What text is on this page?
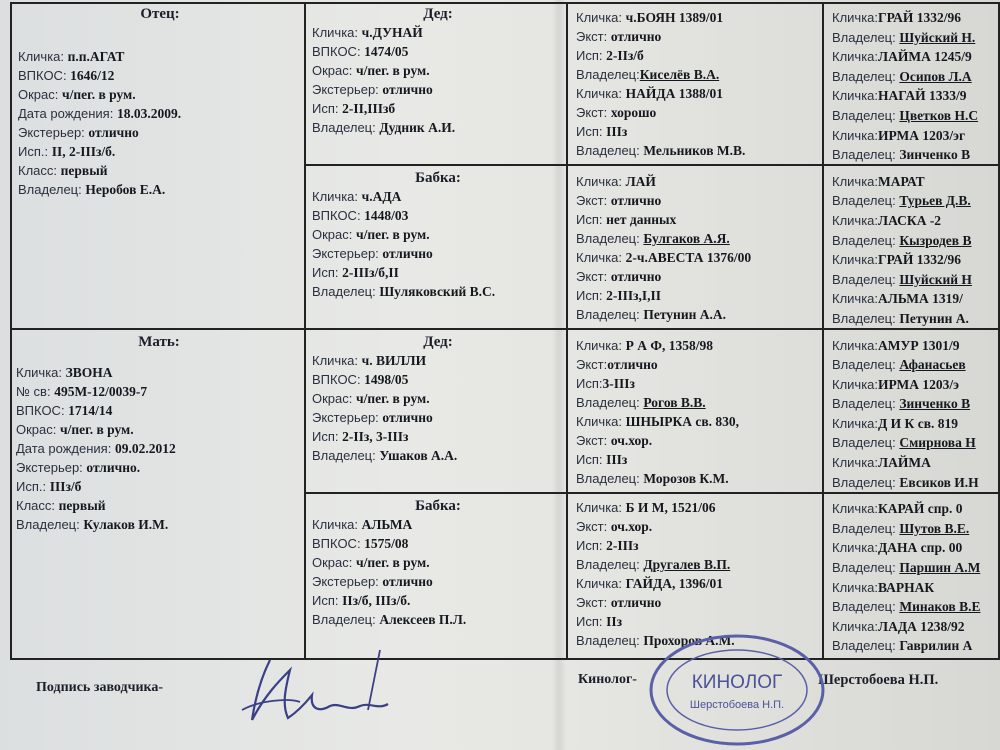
Отец:
Кличка: п.п.АГАТ
ВПКОС: 1646/12
Окрас: ч/пег. в рум.
Дата рождения: 18.03.2009.
Экстерьер: отлично
Исп.: II, 2-IIIз/б.
Класс: первый
Владелец: Неробов Е.А.
Мать:
Кличка: ЗВОНА
№ св: 495М-12/0039-7
ВПКОС: 1714/14
Окрас: ч/пег. в рум.
Дата рождения: 09.02.2012
Экстерьер: отлично.
Исп.: IIIз/б
Класс: первый
Владелец: Кулаков И.М.
Дед:
Кличка: ч.ДУНАЙ
ВПКОС: 1474/05
Окрас: ч/пег. в рум.
Экстерьер: отлично
Исп: 2-II,IIIзб
Владелец: Дудник А.И.
Бабка:
Кличка: ч.АДА
ВПКОС: 1448/03
Окрас: ч/пег. в рум.
Экстерьер: отлично
Исп: 2-IIIз/б,II
Владелец: Шуляковский В.С.
Дед:
Кличка: ч. ВИЛЛИ
ВПКОС: 1498/05
Окрас: ч/пег. в рум.
Экстерьер: отлично
Исп: 2-IIз, 3-IIIз
Владелец: Ушаков А.А.
Бабка:
Кличка: АЛЬМА
ВПКОС: 1575/08
Окрас: ч/пег. в рум.
Экстерьер: отлично
Исп: IIз/б, IIIз/б.
Владелец: Алексеев П.Л.
Кличка: ч.БОЯН 1389/01
Экст: отлично
Исп: 2-IIз/б
Владелец:Киселёв В.А.
Кличка: НАЙДА 1388/01
Экст: хорошо
Исп: IIIз
Владелец: Мельников М.В.
Кличка: ЛАЙ
Экст: отлично
Исп: нет данных
Владелец: Булгаков А.Я.
Кличка: 2-ч.АВЕСТА 1376/00
Экст: отлично
Исп: 2-IIIз,I,II
Владелец: Петунин А.А.
Кличка: Р А Ф, 1358/98
Экст:отлично
Исп:3-IIIз
Владелец: Рогов В.В.
Кличка: ШНЫРКА св. 830,
Экст: оч.хор.
Исп: IIIз
Владелец: Морозов К.М.
Кличка: Б И М, 1521/06
Экст: оч.хор.
Исп: 2-IIIз
Владелец: Другалев В.П.
Кличка: ГАЙДА, 1396/01
Экст: отлично
Исп: IIз
Владелец: Прохоров А.М.
Кличка:ГРАЙ 1332/96
Владелец: Шуйский Н.
Кличка:ЛАЙМА 1245/9
Владелец: Осипов Л.А
Кличка:НАГАЙ 1333/9
Владелец: Цветков Н.С
Кличка:ИРМА 1203/эг
Владелец: Зинченко В
Кличка:МАРАТ
Владелец: Турьев Д.В.
Кличка:ЛАСКА -2
Владелец: Кызродев В
Кличка:ГРАЙ 1332/96
Владелец: Шуйский Н
Кличка:АЛЬМА 1319/
Владелец: Петунин А.
Кличка:АМУР 1301/9
Владелец: Афанасьев
Кличка:ИРМА 1203/э
Владелец: Зинченко В
Кличка:Д И К св. 819
Владелец: Смирнова Н
Кличка:ЛАЙМА
Владелец: Евсиков И.Н
Кличка:КАРАЙ спр. 0
Владелец: Шутов В.Е.
Кличка:ДАНА спр. 00
Владелец: Паршин А.М
Кличка:ВАРНАК
Владелец: Минаков В.Е
Кличка:ЛАДА 1238/92
Владелец: Гаврилин А
Подпись заводчика-
Кинолог-	Шерстобоева Н.П.
КИНОЛОГ
Шерстобоева Н.П.
